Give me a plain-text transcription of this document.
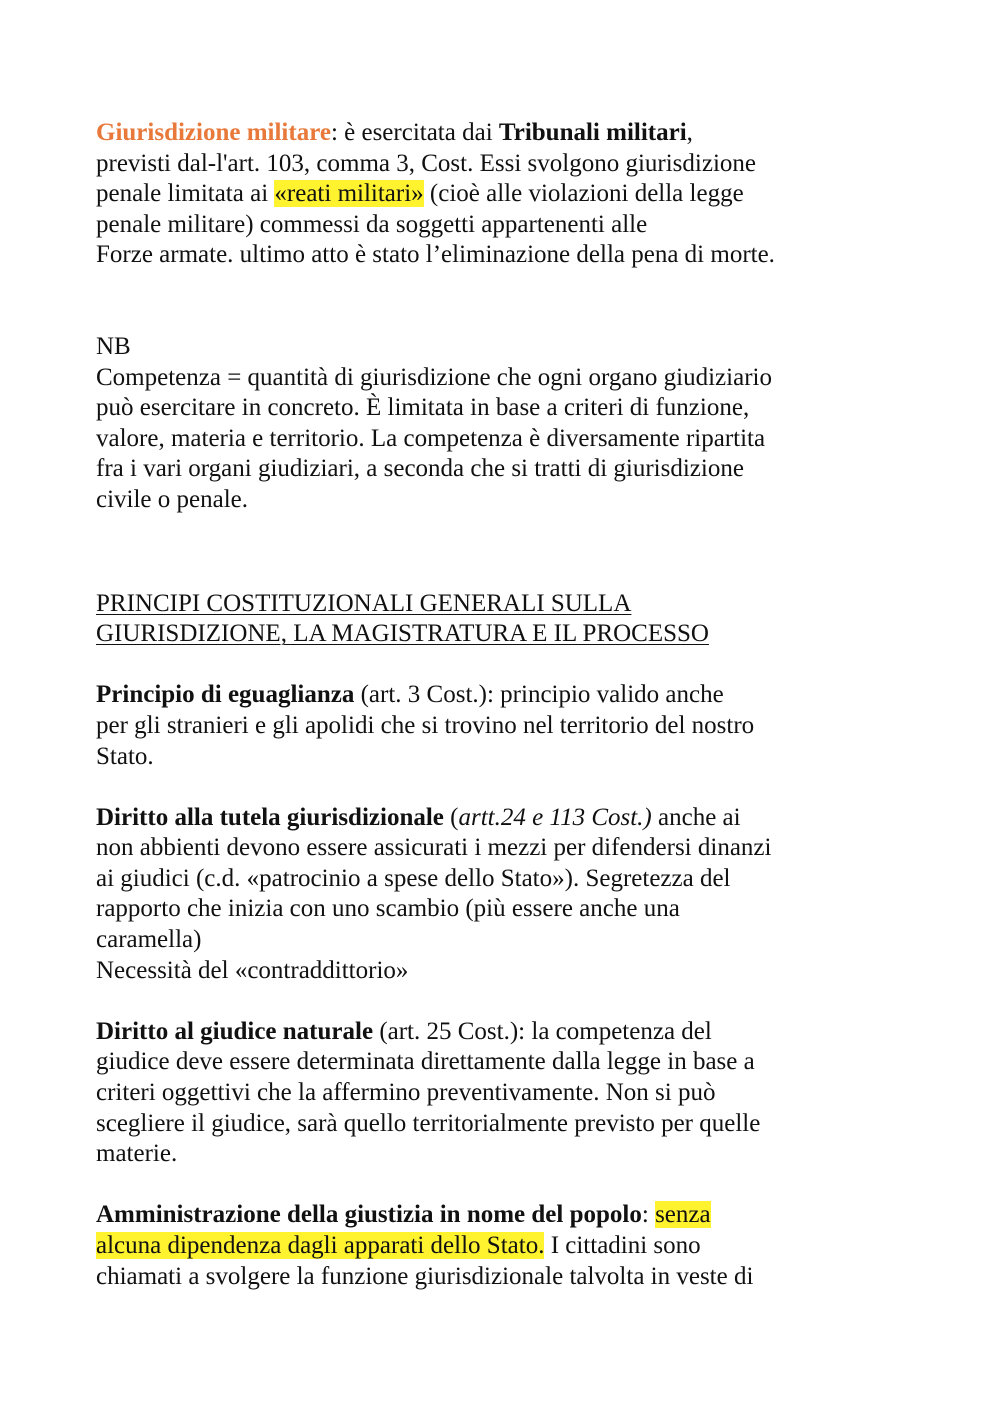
Giurisdizione militare: è esercitata dai Tribunali militari,
previsti dal-l'art. 103, comma 3, Cost. Essi svolgono giurisdizione
penale limitata ai «reati militari» (cioè alle violazioni della legge
penale militare) commessi da soggetti appartenenti alle
Forze armate. ultimo atto è stato l’eliminazione della pena di morte.

NB
Competenza = quantità di giurisdizione che ogni organo giudiziario
può esercitare in concreto. È limitata in base a criteri di funzione,
valore, materia e territorio. La competenza è diversamente ripartita
fra i vari organi giudiziari, a seconda che si tratti di giurisdizione
civile o penale.

PRINCIPI COSTITUZIONALI GENERALI SULLA
GIURISDIZIONE, LA MAGISTRATURA E IL PROCESSO

Principio di eguaglianza (art. 3 Cost.): principio valido anche
per gli stranieri e gli apolidi che si trovino nel territorio del nostro
Stato.

Diritto alla tutela giurisdizionale (artt.24 e 113 Cost.) anche ai
non abbienti devono essere assicurati i mezzi per difendersi dinanzi
ai giudici (c.d. «patrocinio a spese dello Stato»). Segretezza del
rapporto che inizia con uno scambio (più essere anche una
caramella)
Necessità del «contraddittorio»

Diritto al giudice naturale (art. 25 Cost.): la competenza del
giudice deve essere determinata direttamente dalla legge in base a
criteri oggettivi che la affermino preventivamente. Non si può
scegliere il giudice, sarà quello territorialmente previsto per quelle
materie.

Amministrazione della giustizia in nome del popolo: senza
alcuna dipendenza dagli apparati dello Stato. I cittadini sono
chiamati a svolgere la funzione giurisdizionale talvolta in veste di
